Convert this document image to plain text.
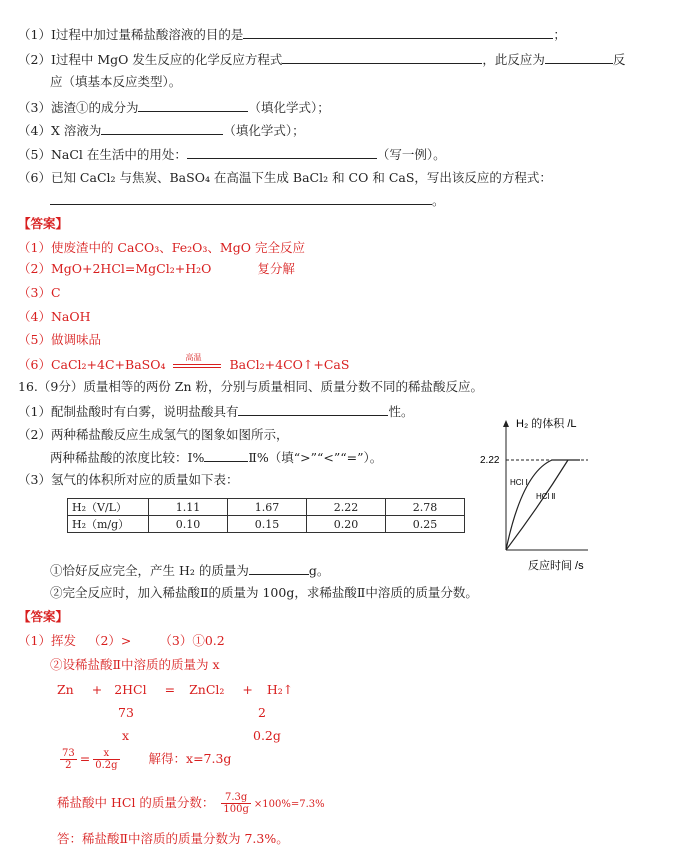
（1）Ⅰ过程中加过量稀盐酸溶液的目的是	；
（2）Ⅰ过程中 MgO 发生反应的化学反应方程式	，此反应为	反
应（填基本反应类型）。
（3）滤渣①的成分为	（填化学式）；
（4）X 溶液为	（填化学式）；
（5）NaCl 在生活中的用处：	（写一例）。
（6）已知 CaCl₂ 与焦炭、BaSO₄ 在高温下生成 BaCl₂ 和 CO 和 CaS，写出该反应的方程式：
。
【答案】
（1）使废渣中的 CaCO₃、Fe₂O₃、MgO 完全反应
（2）MgO+2HCl=MgCl₂+H₂O	复分解
（3）C
（4）NaOH
（5）做调味品
（6）CaCl₂+4C+BaSO₄ 高温 BaCl₂+4CO↑+CaS
16.（9分）质量相等的两份 Zn 粉，分别与质量相同、质量分数不同的稀盐酸反应。
（1）配制盐酸时有白雾，说明盐酸具有	性。
（2）两种稀盐酸反应生成氢气的图象如图所示，
两种稀盐酸的浓度比较：Ⅰ%	Ⅱ%（填“>”“<”“=”）。
（3）氢气的体积所对应的质量如下表：
H₂（V/L）	1.11	1.67	2.22	2.78
H₂（m/g）	0.10	0.15	0.20	0.25
H₂ 的体积 /L
2.22
HCl Ⅰ
HCl Ⅱ
反应时间 /s
①恰好反应完全，产生 H₂ 的质量为	g。
②完全反应时，加入稀盐酸Ⅱ的质量为 100g，求稀盐酸Ⅱ中溶质的质量分数。
【答案】
（1）挥发 （2）> （3）①0.2
②设稀盐酸Ⅱ中溶质的质量为 x
Zn + 2HCl = ZnCl₂ + H₂↑
73	2
x	0.2g
$\frac{73}{2} = \frac{x}{0.2g}$ 解得：x=7.3g
稀盐酸中 HCl 的质量分数： $\frac{7.3g}{100g} \times 100\%=7.3\%$
答：稀盐酸Ⅱ中溶质的质量分数为 7.3%。
